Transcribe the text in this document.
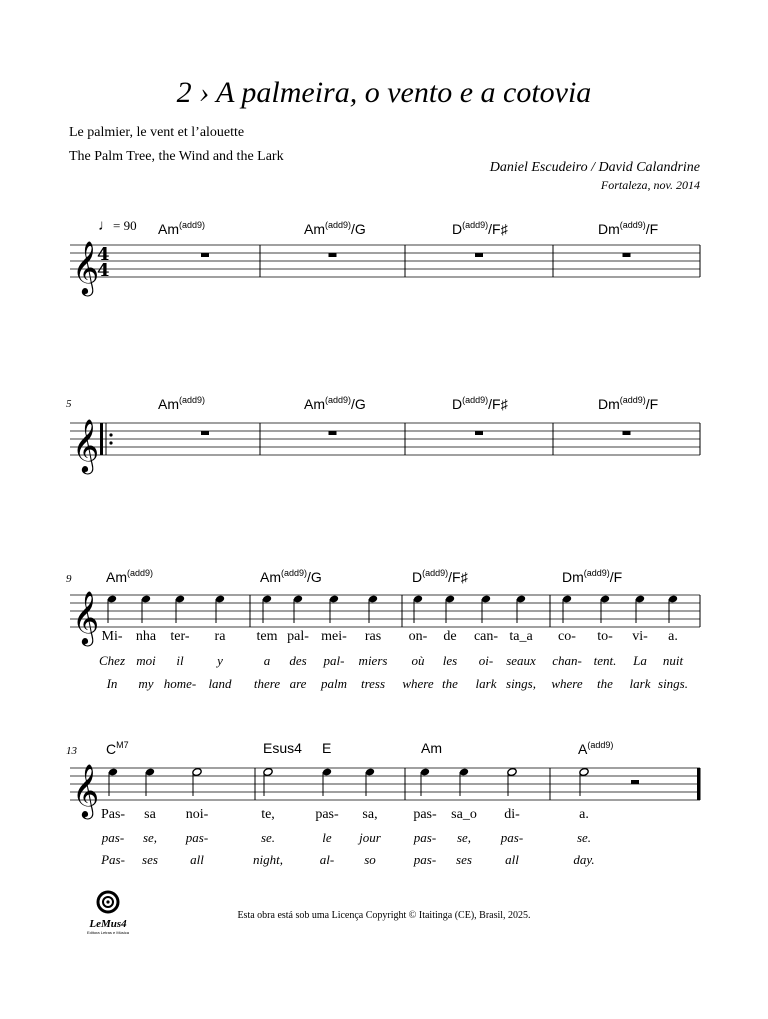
2 › A palmeira, o vento e a cotovia
Le palmier, le vent et l’alouette
The Palm Tree, the Wind and the Lark
Daniel Escudeiro / David Calandrine
Fortaleza, nov. 2014
♩= 90 $Am^{(add9)}$	$Am^{(add9)}/G$	$D^{(add9)}/F♯$	$Dm^{(add9)}/F$
$Am^{(add9)}$	$Am^{(add9)}/G$	$D^{(add9)}/F♯$	$Dm^{(add9)}/F$
$Am^{(add9)}$	$Am^{(add9)}/G$	$D^{(add9)}/F♯$	$Dm^{(add9)}/F$
$C^{M7}$	Esus4 E	Am	$A^{(add9)}$
5
9
13
Mi- nha ter- ra tem pal- mei- ras on- de can- ta_a co- to- vi- a.
Chez moi il	y	a des pal- miers où les oi- seaux chan- tent. La nuit
In my home- land there are palm tress where the lark sings, where the lark sings.
Pas- sa noi-	te,	pas- sa,	pas- sa_o di-	a.
pas- se, pas-	se.	le jour	pas- se, pas-	se.
Pas- ses all	night,	al- so	pas- ses	all	day.
𝄞
4
4
𝄞
𝄞
𝄞
LeMus4
Editora Letras e Música
Esta obra está sob uma Licença Copyright © Itaitinga (CE), Brasil, 2025.
